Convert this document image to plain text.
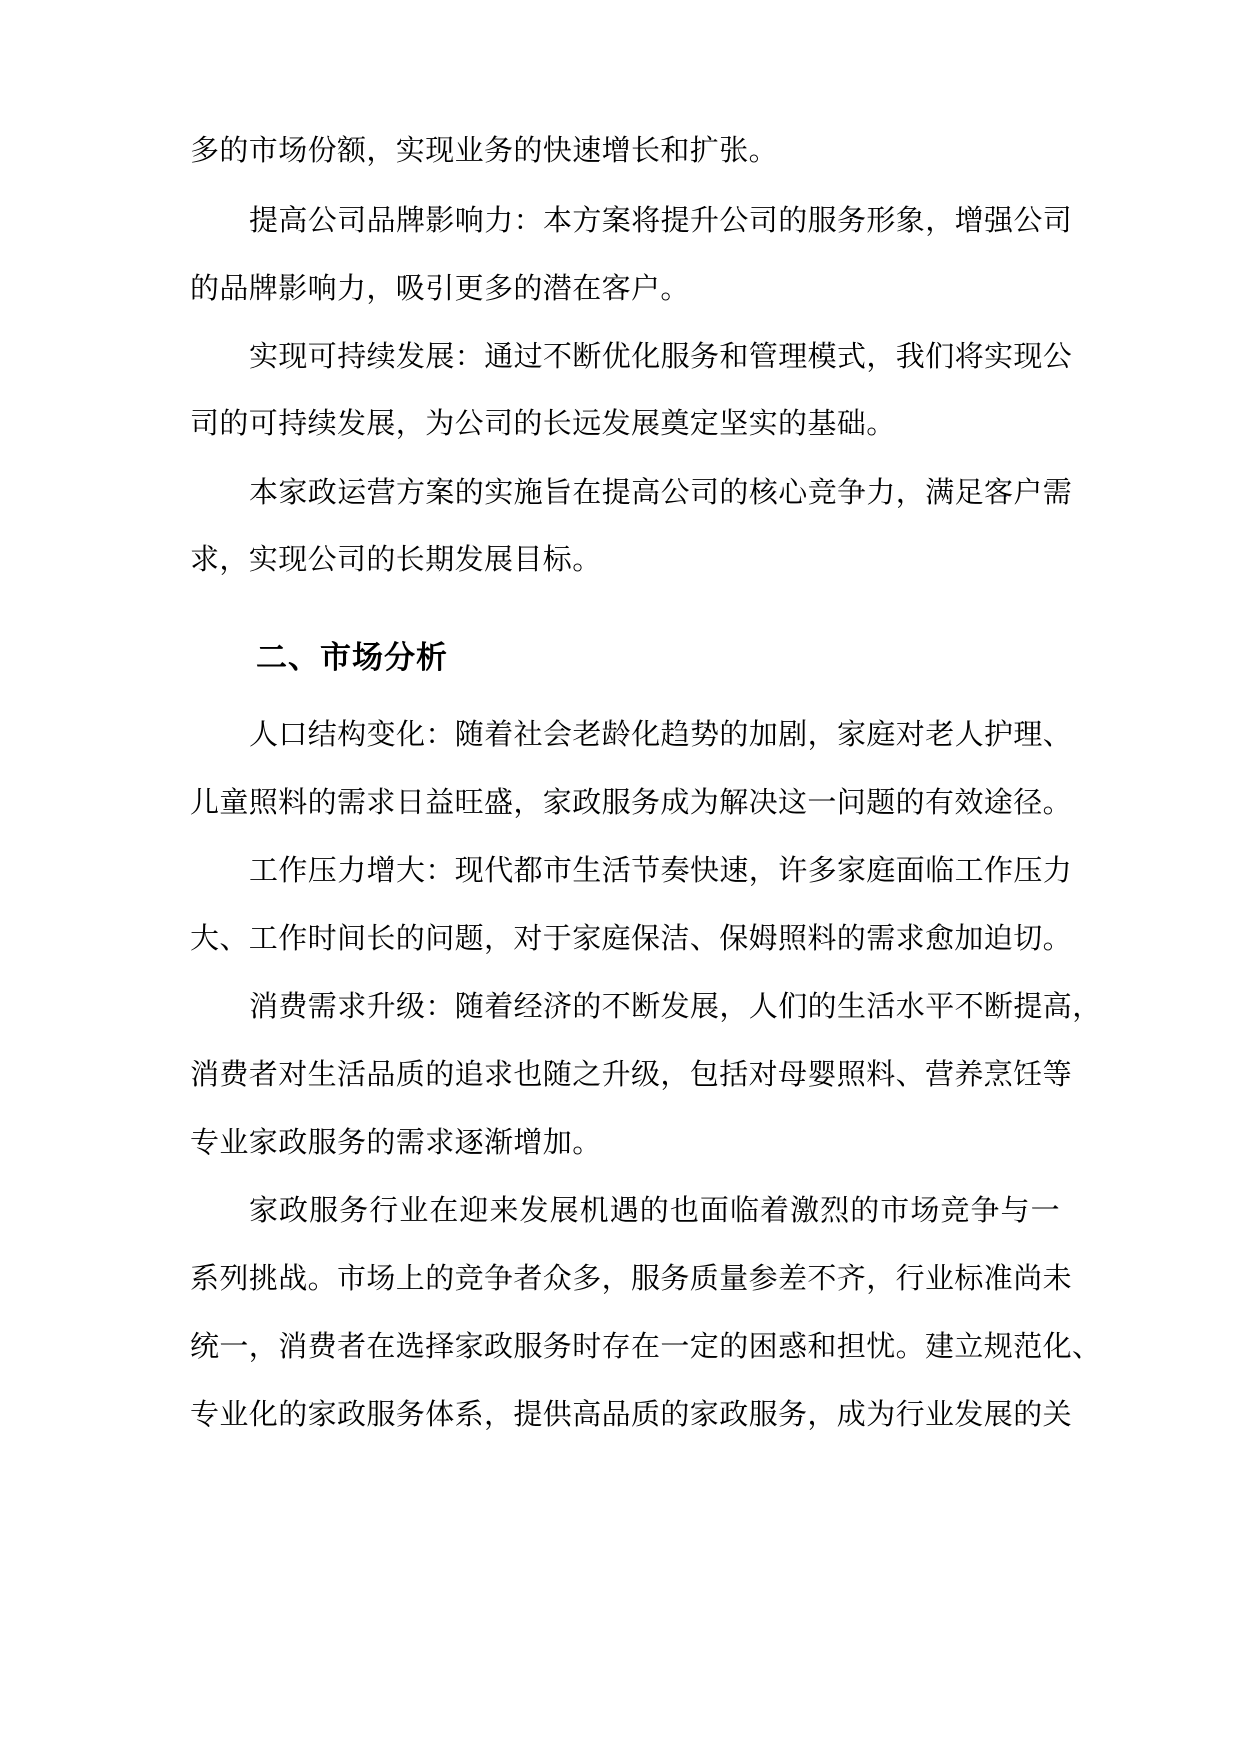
多的市场份额，实现业务的快速增长和扩张。
提高公司品牌影响力：本方案将提升公司的服务形象，增强公司
的品牌影响力，吸引更多的潜在客户。
实现可持续发展：通过不断优化服务和管理模式，我们将实现公
司的可持续发展，为公司的长远发展奠定坚实的基础。
本家政运营方案的实施旨在提高公司的核心竞争力，满足客户需
求，实现公司的长期发展目标。
二、市场分析
人口结构变化：随着社会老龄化趋势的加剧，家庭对老人护理、
儿童照料的需求日益旺盛，家政服务成为解决这一问题的有效途径。
工作压力增大：现代都市生活节奏快速，许多家庭面临工作压力
大、工作时间长的问题，对于家庭保洁、保姆照料的需求愈加迫切。
消费需求升级：随着经济的不断发展，人们的生活水平不断提高，
消费者对生活品质的追求也随之升级，包括对母婴照料、营养烹饪等
专业家政服务的需求逐渐增加。
家政服务行业在迎来发展机遇的也面临着激烈的市场竞争与一
系列挑战。市场上的竞争者众多，服务质量参差不齐，行业标准尚未
统一，消费者在选择家政服务时存在一定的困惑和担忧。建立规范化、
专业化的家政服务体系，提供高品质的家政服务，成为行业发展的关
